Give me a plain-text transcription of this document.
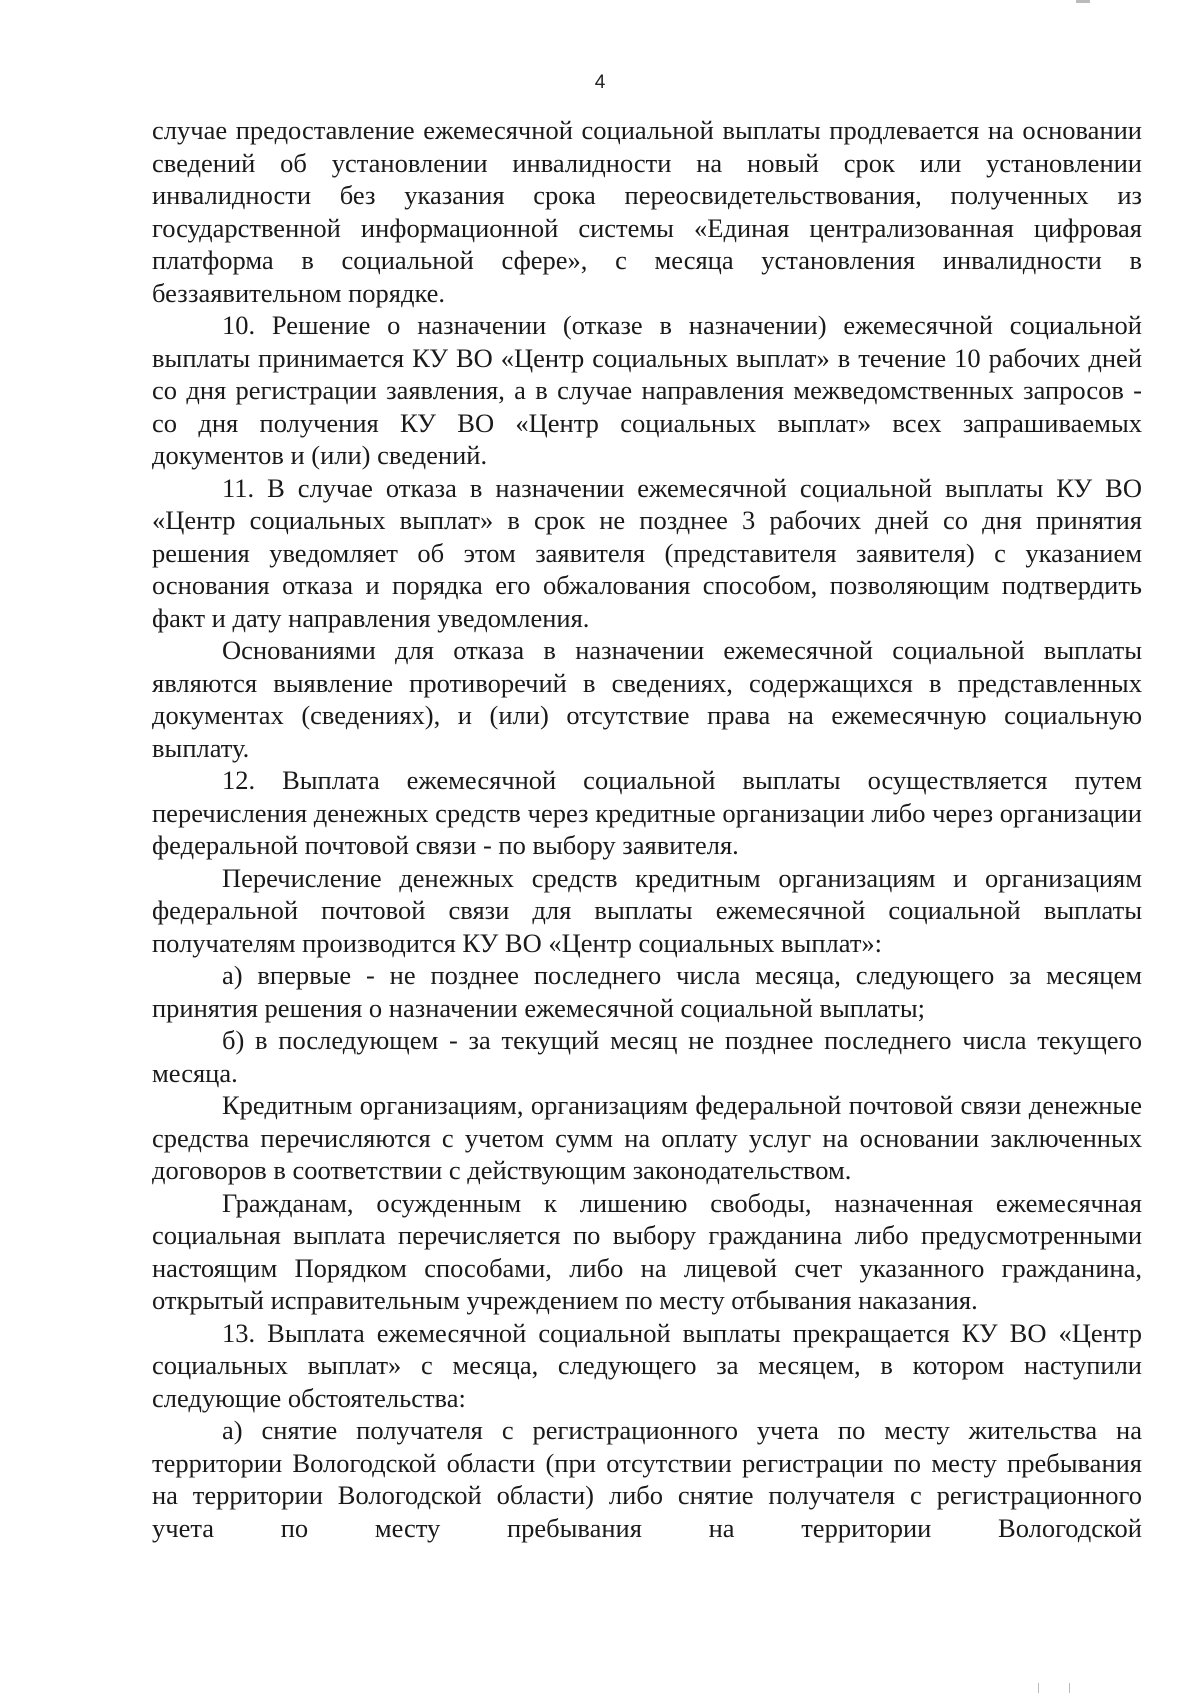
4

случае предоставление ежемесячной социальной выплаты продлевается на основании сведений об установлении инвалидности на новый срок или установлении инвалидности без указания срока переосвидетельствования, полученных из государственной информационной системы «Единая централизованная цифровая платформа в социальной сфере», с месяца установления инвалидности в беззаявительном порядке.

10. Решение о назначении (отказе в назначении) ежемесячной социальной выплаты принимается КУ ВО «Центр социальных выплат» в течение 10 рабочих дней со дня регистрации заявления, а в случае направления межведомственных запросов - со дня получения КУ ВО «Центр социальных выплат» всех запрашиваемых документов и (или) сведений.

11. В случае отказа в назначении ежемесячной социальной выплаты КУ ВО «Центр социальных выплат» в срок не позднее 3 рабочих дней со дня принятия решения уведомляет об этом заявителя (представителя заявителя) с указанием основания отказа и порядка его обжалования способом, позволяющим подтвердить факт и дату направления уведомления.

Основаниями для отказа в назначении ежемесячной социальной выплаты являются выявление противоречий в сведениях, содержащихся в представленных документах (сведениях), и (или) отсутствие права на ежемесячную социальную выплату.

12. Выплата ежемесячной социальной выплаты осуществляется путем перечисления денежных средств через кредитные организации либо через организации федеральной почтовой связи - по выбору заявителя.

Перечисление денежных средств кредитным организациям и организациям федеральной почтовой связи для выплаты ежемесячной социальной выплаты получателям производится КУ ВО «Центр социальных выплат»:

а) впервые - не позднее последнего числа месяца, следующего за месяцем принятия решения о назначении ежемесячной социальной выплаты;

б) в последующем - за текущий месяц не позднее последнего числа текущего месяца.

Кредитным организациям, организациям федеральной почтовой связи денежные средства перечисляются с учетом сумм на оплату услуг на основании заключенных договоров в соответствии с действующим законодательством.

Гражданам, осужденным к лишению свободы, назначенная ежемесячная социальная выплата перечисляется по выбору гражданина либо предусмотренными настоящим Порядком способами, либо на лицевой счет указанного гражданина, открытый исправительным учреждением по месту отбывания наказания.

13. Выплата ежемесячной социальной выплаты прекращается КУ ВО «Центр социальных выплат» с месяца, следующего за месяцем, в котором наступили следующие обстоятельства:

а) снятие получателя с регистрационного учета по месту жительства на территории Вологодской области (при отсутствии регистрации по месту пребывания на территории Вологодской области) либо снятие получателя с регистрационного учета по месту пребывания на территории Вологодской
